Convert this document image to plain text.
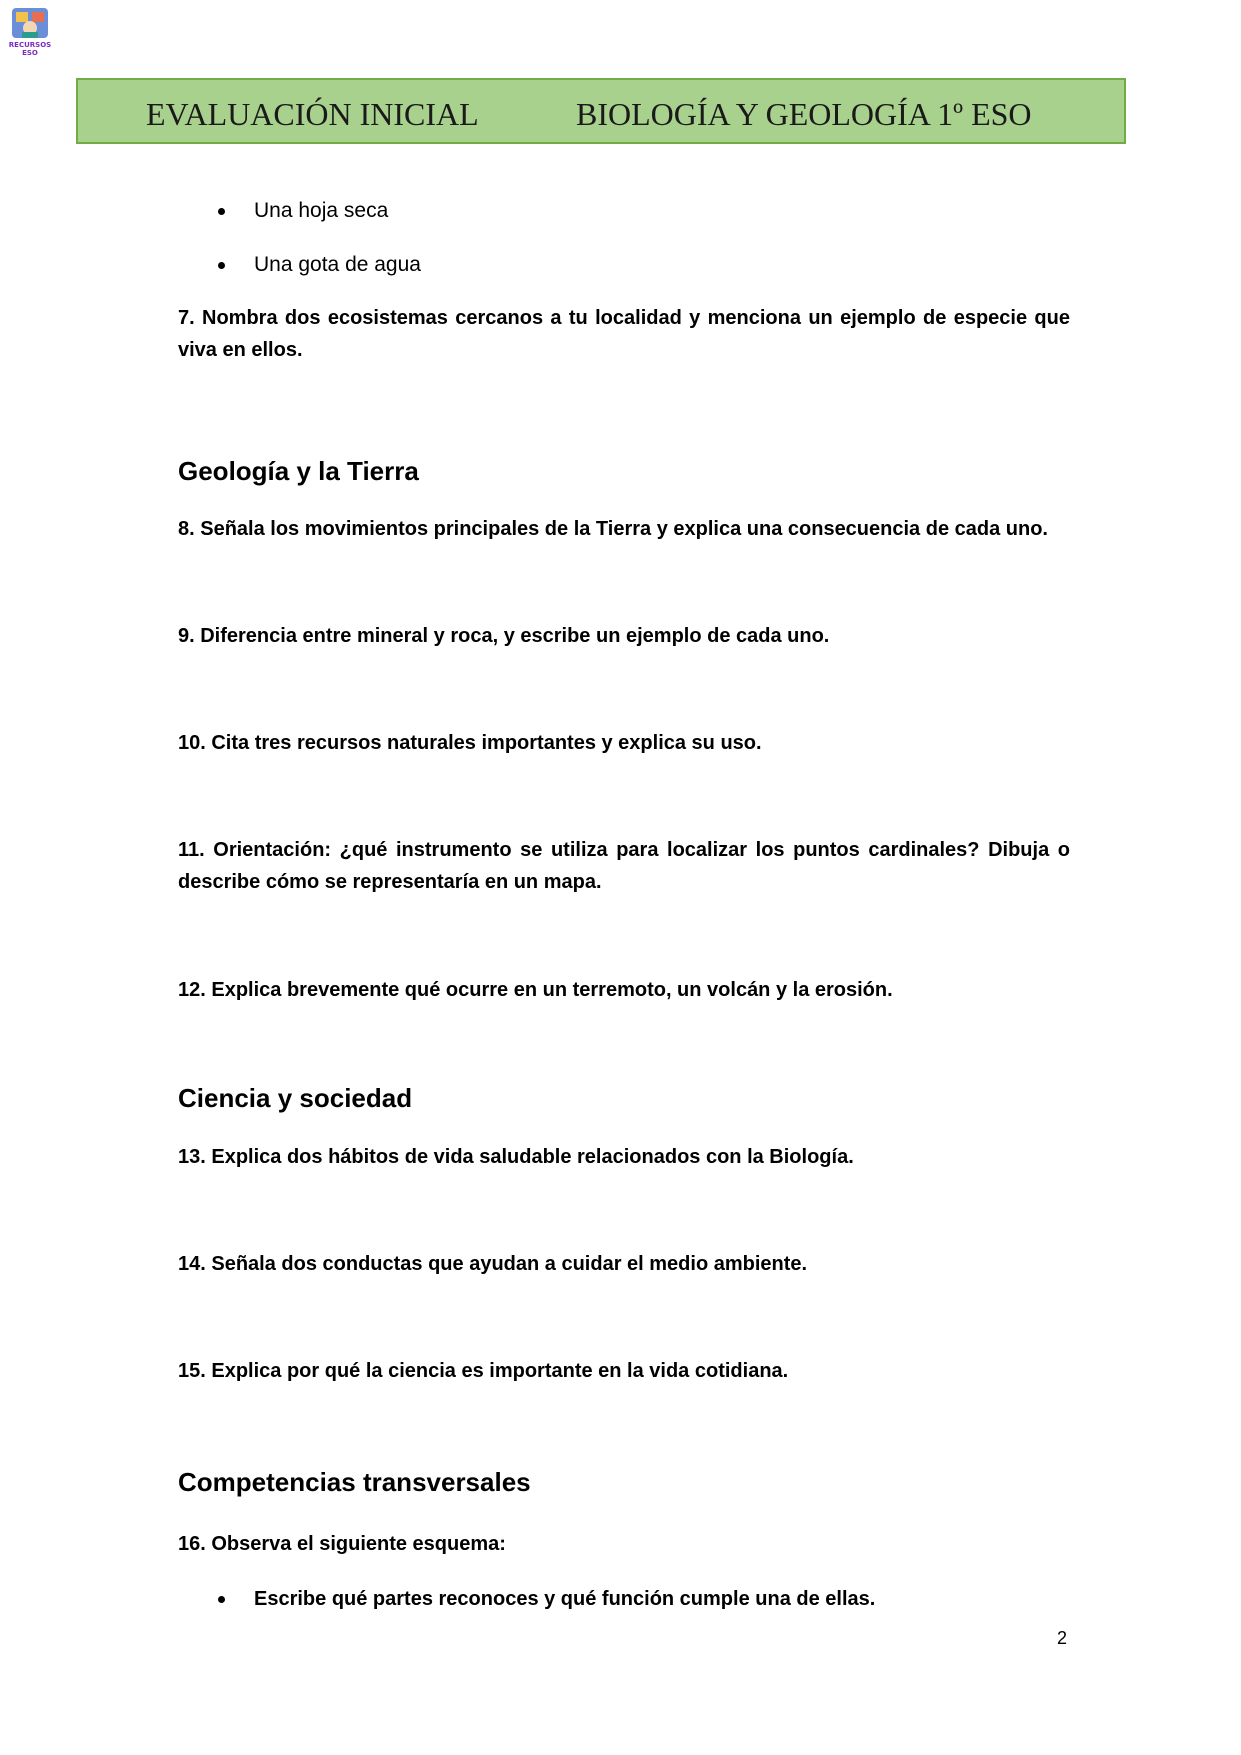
RECURSOS
ESO
EVALUACIÓN INICIAL	BIOLOGÍA Y GEOLOGÍA 1º ESO
Una hoja seca
Una gota de agua
7. Nombra dos ecosistemas cercanos a tu localidad y menciona un ejemplo de especie que viva en ellos.
Geología y la Tierra
8. Señala los movimientos principales de la Tierra y explica una consecuencia de cada uno.
9. Diferencia entre mineral y roca, y escribe un ejemplo de cada uno.
10. Cita tres recursos naturales importantes y explica su uso.
11. Orientación: ¿qué instrumento se utiliza para localizar los puntos cardinales? Dibuja o describe cómo se representaría en un mapa.
12. Explica brevemente qué ocurre en un terremoto, un volcán y la erosión.
Ciencia y sociedad
13. Explica dos hábitos de vida saludable relacionados con la Biología.
14. Señala dos conductas que ayudan a cuidar el medio ambiente.
15. Explica por qué la ciencia es importante en la vida cotidiana.
Competencias transversales
16. Observa el siguiente esquema:
Escribe qué partes reconoces y qué función cumple una de ellas.
2
